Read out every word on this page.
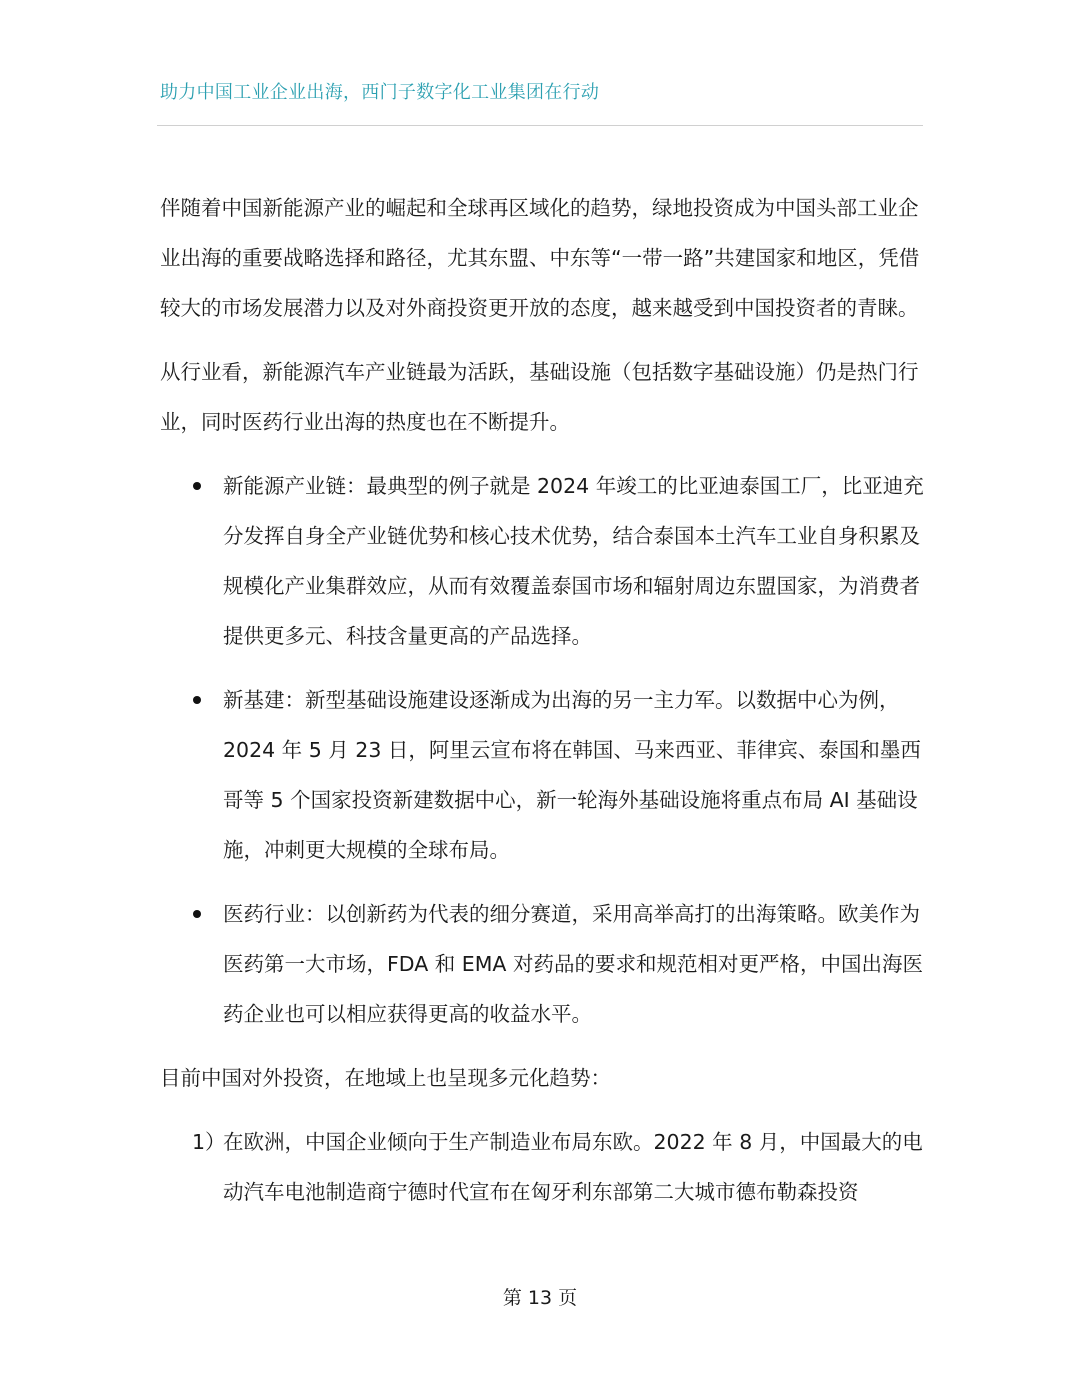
助力中国工业企业出海，西门子数字化工业集团在行动

伴随着中国新能源产业的崛起和全球再区域化的趋势，绿地投资成为中国头部工业企业出海的重要战略选择和路径，尤其东盟、中东等“一带一路”共建国家和地区，凭借较大的市场发展潜力以及对外商投资更开放的态度，越来越受到中国投资者的青睐。

从行业看，新能源汽车产业链最为活跃，基础设施（包括数字基础设施）仍是热门行业，同时医药行业出海的热度也在不断提升。

新能源产业链：最典型的例子就是 2024 年竣工的比亚迪泰国工厂，比亚迪充分发挥自身全产业链优势和核心技术优势，结合泰国本土汽车工业自身积累及规模化产业集群效应，从而有效覆盖泰国市场和辐射周边东盟国家，为消费者提供更多元、科技含量更高的产品选择。
新基建：新型基础设施建设逐渐成为出海的另一主力军。以数据中心为例，2024 年 5 月 23 日，阿里云宣布将在韩国、马来西亚、菲律宾、泰国和墨西哥等 5 个国家投资新建数据中心，新一轮海外基础设施将重点布局 AI 基础设施，冲刺更大规模的全球布局。
医药行业：以创新药为代表的细分赛道，采用高举高打的出海策略。欧美作为医药第一大市场，FDA 和 EMA 对药品的要求和规范相对更严格，中国出海医药企业也可以相应获得更高的收益水平。

目前中国对外投资，在地域上也呈现多元化趋势：

1）
在欧洲，中国企业倾向于生产制造业布局东欧。2022 年 8 月，中国最大的电动汽车电池制造商宁德时代宣布在匈牙利东部第二大城市德布勒森投资
第 13 页
